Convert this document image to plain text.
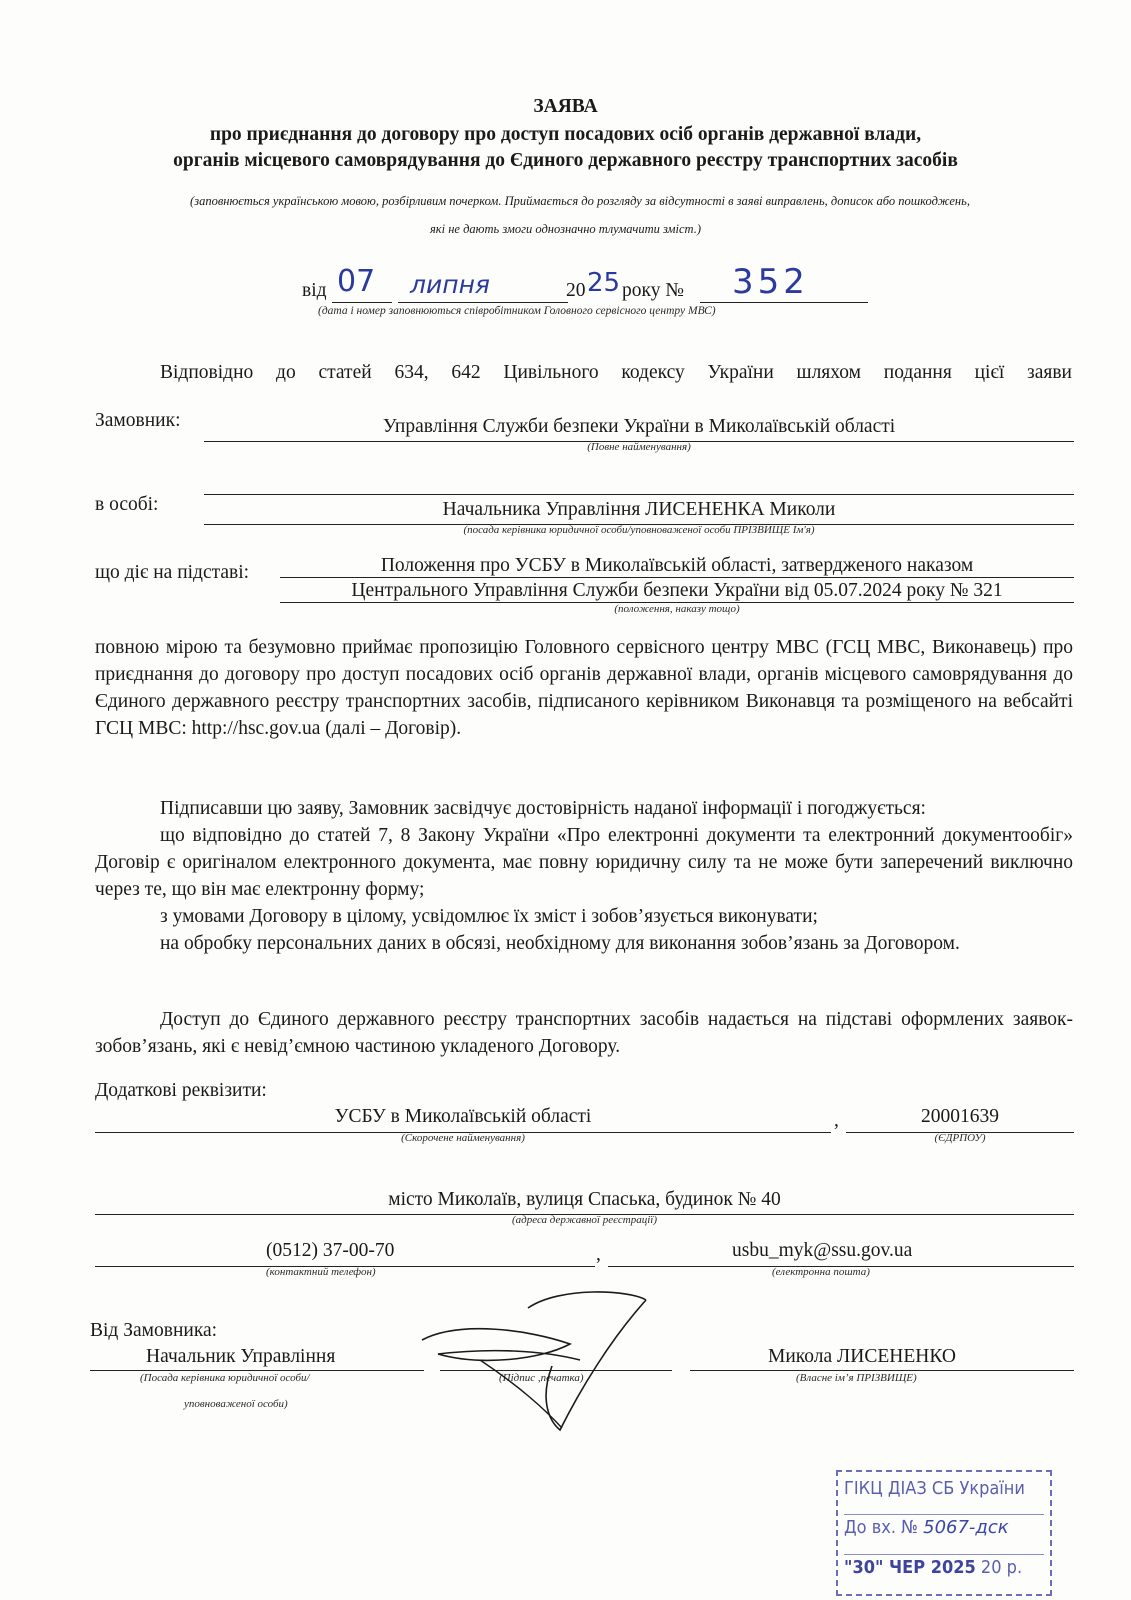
ЗАЯВА
про приєднання до договору про доступ посадових осіб органів державної влади,
органів місцевого самоврядування до Єдиного державного реєстру транспортних засобів
(заповнюється українською мовою, розбірливим почерком. Приймається до розгляду за відсутності в заяві виправлень, дописок або пошкоджень,
які не дають змоги однозначно тлумачити зміст.)
від 07 липня	20 25 року № 352
(дата і номер заповнюються співробітником Головного сервісного центру МВС)
Відповідно до статей 634, 642 Цивільного кодексу України шляхом подання цієї заяви
Замовник:	Управління Служби безпеки України в Миколаївській області
(Повне найменування)
в особі:	Начальника Управління ЛИСЕНЕНКА Миколи
(посада керівника юридичної особи/уповноваженої особи ПРІЗВИЩЕ Ім'я)
що діє на підставі:	Положення про УСБУ в Миколаївській області, затвердженого наказом
Центрального Управління Служби безпеки України від 05.07.2024 року № 321
(положення, наказу тощо)
повною мірою та безумовно приймає пропозицію Головного сервісного центру МВС (ГСЦ МВС, Виконавець) про приєднання до договору про доступ посадових осіб органів державної влади, органів місцевого самоврядування до Єдиного державного реєстру транспортних засобів, підписаного керівником Виконавця та розміщеного на вебсайті ГСЦ МВС: http://hsc.gov.ua (далі – Договір).
Підписавши цю заяву, Замовник засвідчує достовірність наданої інформації і погоджується:
що відповідно до статей 7, 8 Закону України «Про електронні документи та електронний документообіг» Договір є оригіналом електронного документа, має повну юридичну силу та не може бути заперечений виключно через те, що він має електронну форму;
з умовами Договору в цілому, усвідомлює їх зміст і зобов’язується виконувати;
на обробку персональних даних в обсязі, необхідному для виконання зобов’язань за Договором.
Доступ до Єдиного державного реєстру транспортних засобів надається на підставі оформлених заявок-зобов’язань, які є невід’ємною частиною укладеного Договору.
Додаткові реквізити:
УСБУ в Миколаївській області
(Скорочене найменування)
,	20001639
(ЄДРПОУ)
місто Миколаїв, вулиця Спаська, будинок № 40
(адреса державної реєстрації)
(0512) 37-00-70
(контактний телефон)
,	usbu_myk@ssu.gov.ua
(електронна пошта)
Від Замовника:
Начальник Управління
(Посада керівника юридичної особи/
уповноваженої особи)
(Підпис ,печатка)
Микола ЛИСЕНЕНКО
(Власне ім’я ПРІЗВИЩЕ)
ГІКЦ ДІАЗ СБ України
До вх. № 5067-дск
"30" ЧЕР 2025 20 р.
